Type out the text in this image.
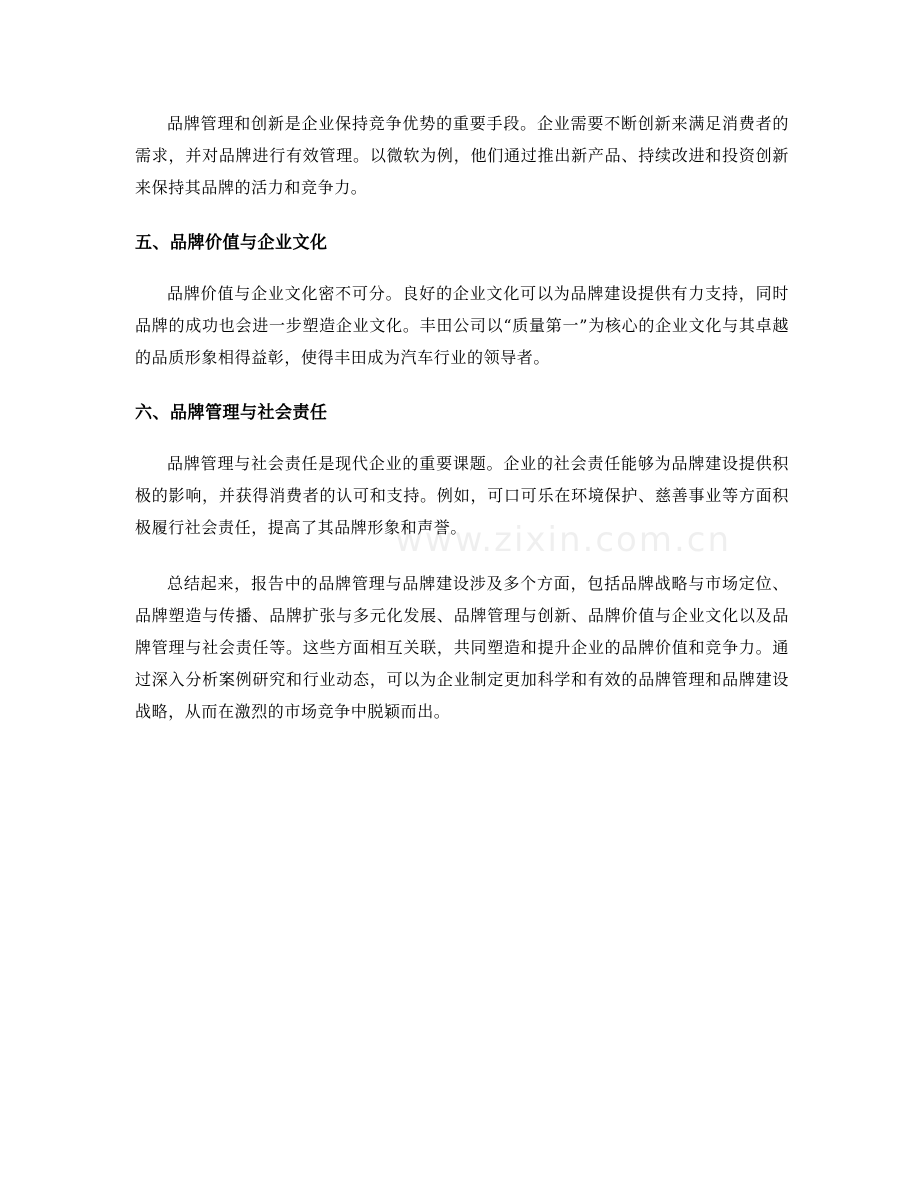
品牌管理和创新是企业保持竞争优势的重要手段。企业需要不断创新来满足消费者的需求，并对品牌进行有效管理。以微软为例，他们通过推出新产品、持续改进和投资创新来保持其品牌的活力和竞争力。

五、品牌价值与企业文化

品牌价值与企业文化密不可分。良好的企业文化可以为品牌建设提供有力支持，同时品牌的成功也会进一步塑造企业文化。丰田公司以“质量第一”为核心的企业文化与其卓越的品质形象相得益彰，使得丰田成为汽车行业的领导者。

六、品牌管理与社会责任

品牌管理与社会责任是现代企业的重要课题。企业的社会责任能够为品牌建设提供积极的影响，并获得消费者的认可和支持。例如，可口可乐在环境保护、慈善事业等方面积极履行社会责任，提高了其品牌形象和声誉。

总结起来，报告中的品牌管理与品牌建设涉及多个方面，包括品牌战略与市场定位、品牌塑造与传播、品牌扩张与多元化发展、品牌管理与创新、品牌价值与企业文化以及品牌管理与社会责任等。这些方面相互关联，共同塑造和提升企业的品牌价值和竞争力。通过深入分析案例研究和行业动态，可以为企业制定更加科学和有效的品牌管理和品牌建设战略，从而在激烈的市场竞争中脱颖而出。

www.zixin.com.cn
